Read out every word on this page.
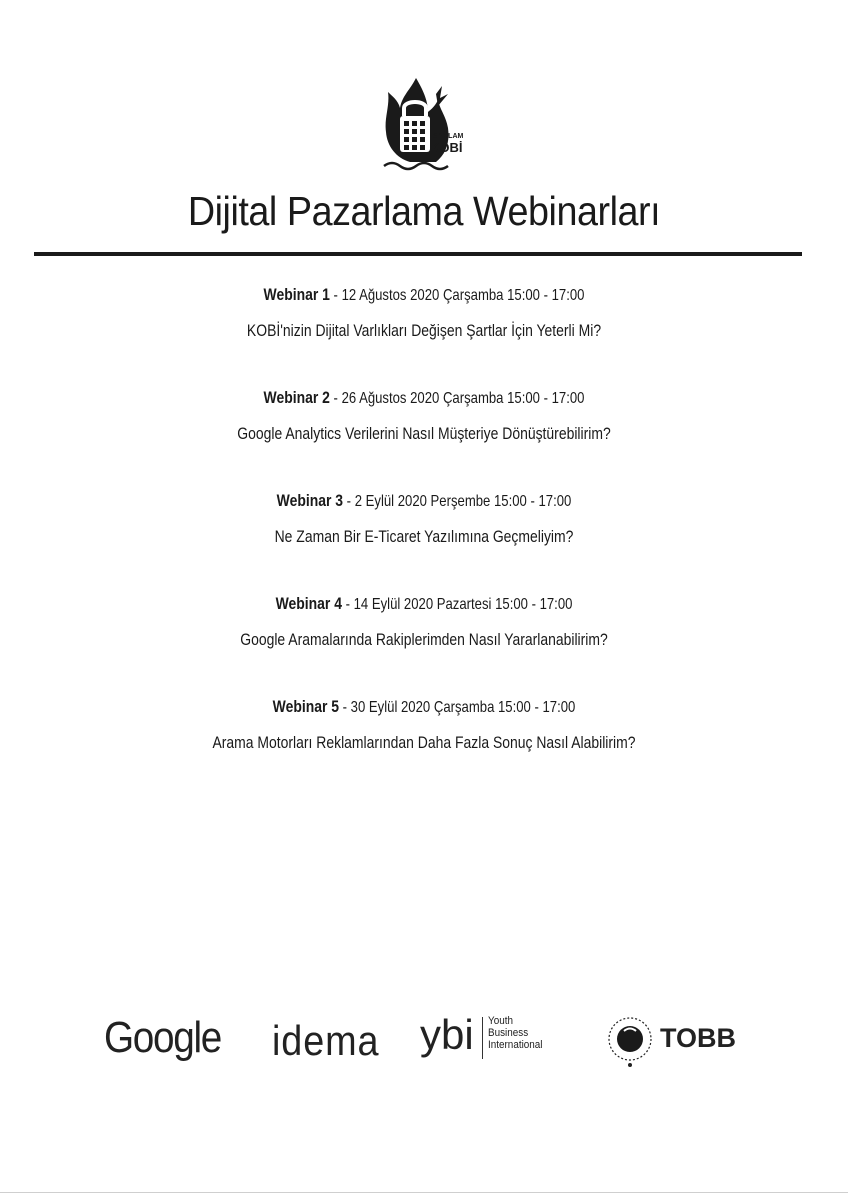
SAĞLAM
KOBİ
Dijital Pazarlama Webinarları
Webinar 1 - 12 Ağustos 2020 Çarşamba 15:00 - 17:00
KOBİ'nizin Dijital Varlıkları Değişen Şartlar İçin Yeterli Mi?
Webinar 2 - 26 Ağustos 2020 Çarşamba 15:00 - 17:00
Google Analytics Verilerini Nasıl Müşteriye Dönüştürebilirim?
Webinar 3 - 2 Eylül 2020 Perşembe 15:00 - 17:00
Ne Zaman Bir E-Ticaret Yazılımına Geçmeliyim?
Webinar 4 - 14 Eylül 2020 Pazartesi 15:00 - 17:00
Google Aramalarında Rakiplerimden Nasıl Yararlanabilirim?
Webinar 5 - 30 Eylül 2020 Çarşamba 15:00 - 17:00
Arama Motorları Reklamlarından Daha Fazla Sonuç Nasıl Alabilirim?
Google idema ybi Youth
Business
International	TOBB
